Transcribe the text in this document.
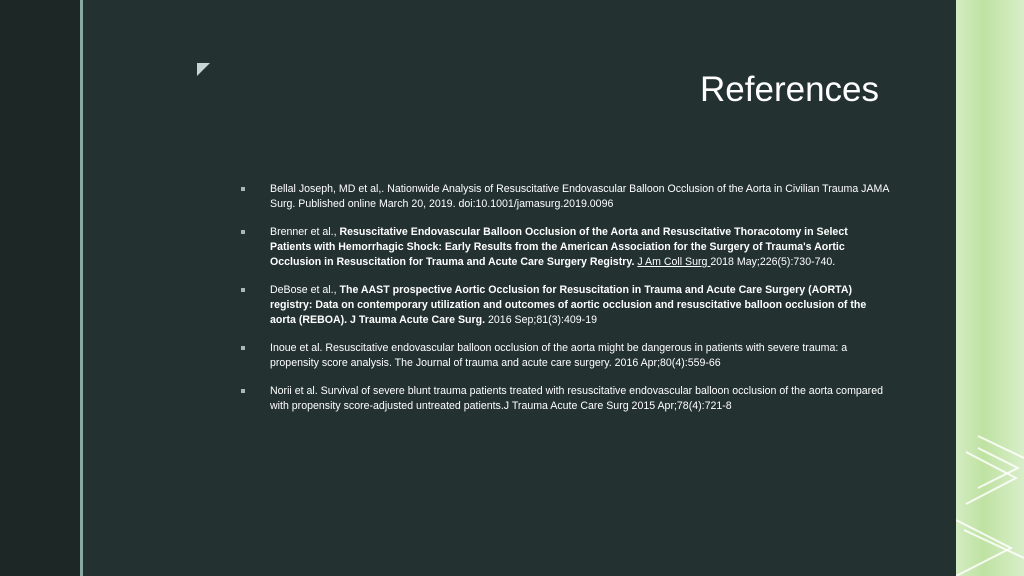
References
Bellal Joseph, MD et al,. Nationwide Analysis of Resuscitative Endovascular Balloon Occlusion of the Aorta in Civilian Trauma JAMA Surg. Published online March 20, 2019. doi:10.1001/jamasurg.2019.0096
Brenner et al., Resuscitative Endovascular Balloon Occlusion of the Aorta and Resuscitative Thoracotomy in Select Patients with Hemorrhagic Shock: Early Results from the American Association for the Surgery of Trauma's Aortic Occlusion in Resuscitation for Trauma and Acute Care Surgery Registry. J Am Coll Surg 2018 May;226(5):730-740.
DeBose et al., The AAST prospective Aortic Occlusion for Resuscitation in Trauma and Acute Care Surgery (AORTA) registry: Data on contemporary utilization and outcomes of aortic occlusion and resuscitative balloon occlusion of the aorta (REBOA). J Trauma Acute Care Surg. 2016 Sep;81(3):409-19
Inoue et al. Resuscitative endovascular balloon occlusion of the aorta might be dangerous in patients with severe trauma: a propensity score analysis. The Journal of trauma and acute care surgery. 2016 Apr;80(4):559-66
Norii et al. Survival of severe blunt trauma patients treated with resuscitative endovascular balloon occlusion of the aorta compared with propensity score-adjusted untreated patients.J Trauma Acute Care Surg 2015 Apr;78(4):721-8
